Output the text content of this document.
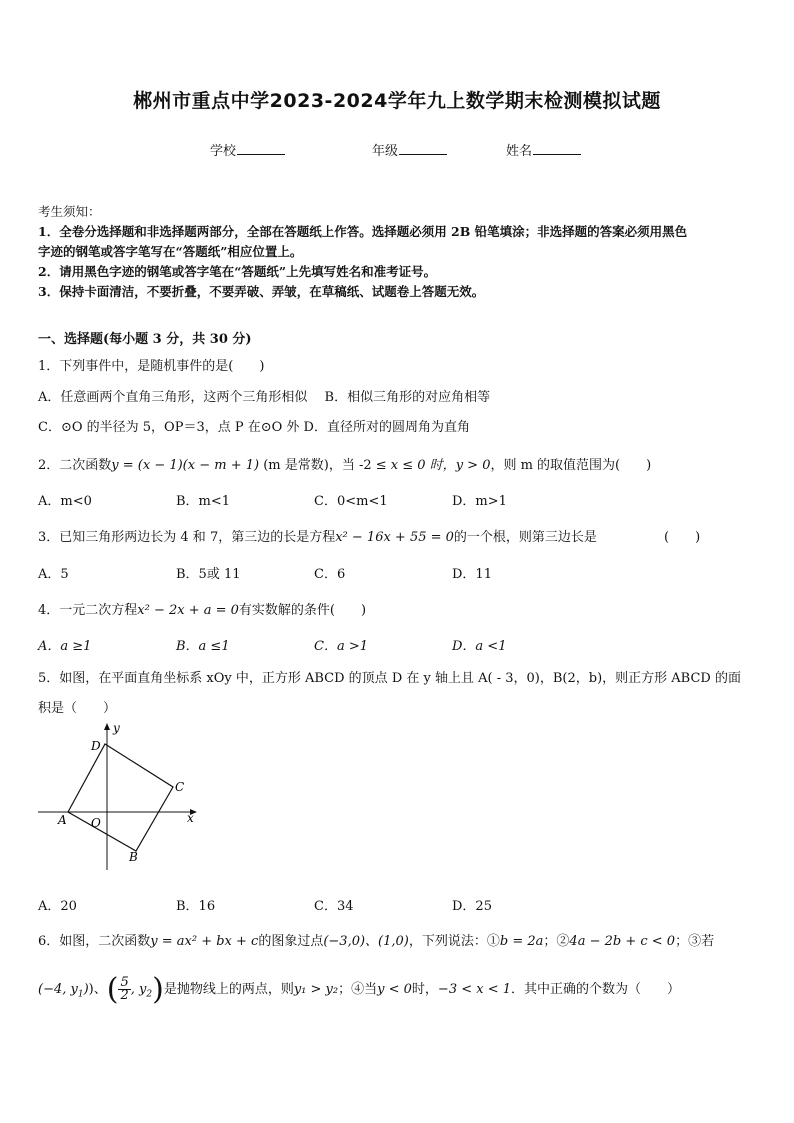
郴州市重点中学2023-2024学年九上数学期末检测模拟试题
学校	年级	姓名
考生须知：
1．全卷分选择题和非选择题两部分，全部在答题纸上作答。选择题必须用 2B 铅笔填涂；非选择题的答案必须用黑色
字迹的钢笔或答字笔写在“答题纸”相应位置上。
2．请用黑色字迹的钢笔或答字笔在“答题纸”上先填写姓名和准考证号。
3．保持卡面清洁，不要折叠，不要弄破、弄皱，在草稿纸、试题卷上答题无效。
一、选择题(每小题 3 分，共 30 分)
1．下列事件中，是随机事件的是(　　)
A．任意画两个直角三角形，这两个三角形相似　 B．相似三角形的对应角相等
C．⊙O 的半径为 5，OP＝3，点 P 在⊙O 外 D．直径所对的圆周角为直角
2．二次函数y = (x − 1)(x − m + 1) (m 是常数)，当 -2 ≤ x ≤ 0 时，y > 0，则 m 的取值范围为(　　)
A．m<0	B．m<1	C．0<m<1	D．m>1
3．已知三角形两边长为 4 和 7，第三边的长是方程x² − 16x + 55 = 0的一个根，则第三边长是	(　　)
A．5	B．5或 11	C．6	D．11
4．一元二次方程x² − 2x + a = 0有实数解的条件(　　)
A．a ≥1	B．a ≤1	C．a >1	D．a <1
5．如图，在平面直角坐标系 xOy 中，正方形 ABCD 的顶点 D 在 y 轴上且 A( - 3，0)，B(2，b)，则正方形 ABCD 的面
积是（　　）
y
D
C
x
A O
B
A．20	B．16	C．34	D．25
6．如图，二次函数y = ax² + bx + c的图象过点(−3,0)、(1,0)，下列说法：①b = 2a；②4a − 2b + c < 0；③若
(−4, $y_1$))、( $\frac{5}{2}$ , $y_2$)是抛物线上的两点，则y₁ > y₂；④当y < 0时，−3 < x < 1．其中正确的个数为（　　）
